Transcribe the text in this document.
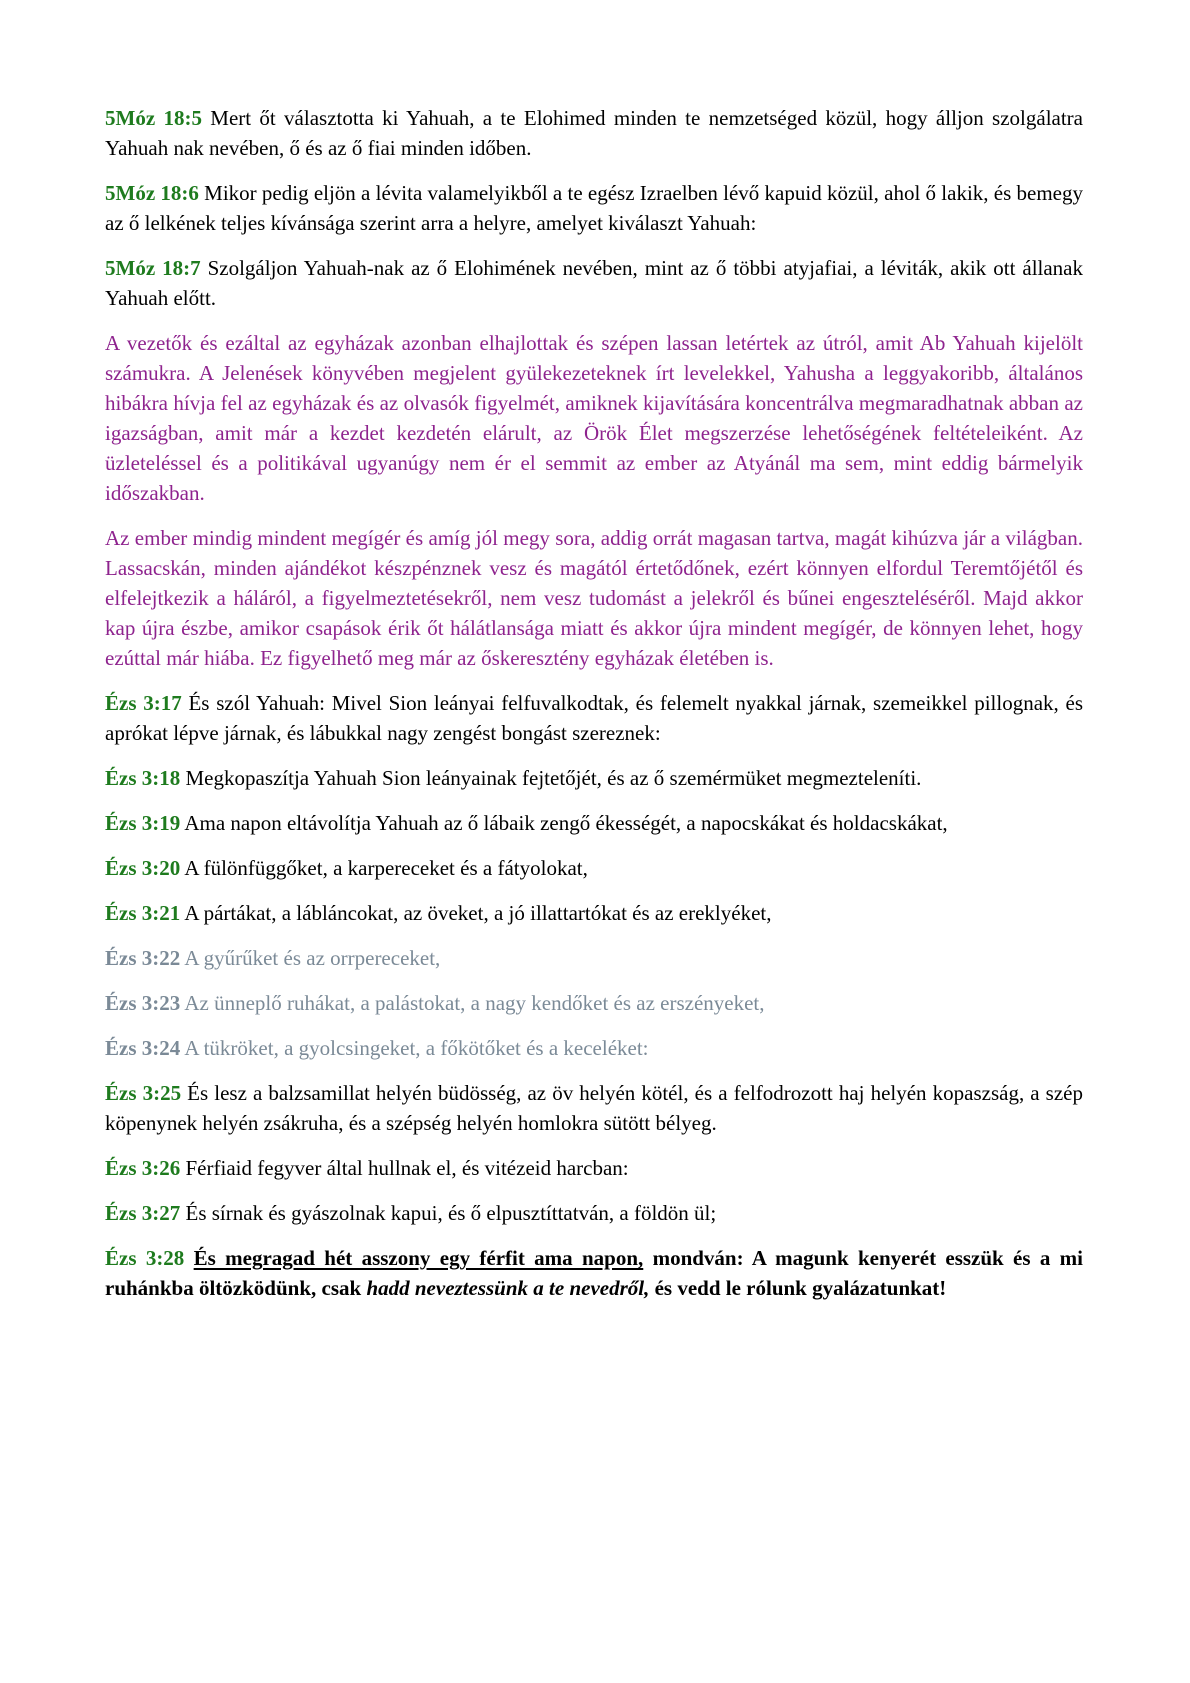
5Móz 18:5 Mert őt választotta ki Yahuah, a te Elohimed minden te nemzetséged közül, hogy álljon szolgálatra Yahuah nak nevében, ő és az ő fiai minden időben.

5Móz 18:6 Mikor pedig eljön a lévita valamelyikből a te egész Izraelben lévő kapuid közül, ahol ő lakik, és bemegy az ő lelkének teljes kívánsága szerint arra a helyre, amelyet kiválaszt Yahuah:

5Móz 18:7 Szolgáljon Yahuah-nak az ő Elohimének nevében, mint az ő többi atyjafiai, a léviták, akik ott állanak Yahuah előtt.

A vezetők és ezáltal az egyházak azonban elhajlottak és szépen lassan letértek az útról, amit Ab Yahuah kijelölt számukra. A Jelenések könyvében megjelent gyülekezeteknek írt levelekkel, Yahusha a leggyakoribb, általános hibákra hívja fel az egyházak és az olvasók figyelmét, amiknek kijavítására koncentrálva megmaradhatnak abban az igazságban, amit már a kezdet kezdetén elárult, az Örök Élet megszerzése lehetőségének feltételeiként. Az üzleteléssel és a politikával ugyanúgy nem ér el semmit az ember az Atyánál ma sem, mint eddig bármelyik időszakban.

Az ember mindig mindent megígér és amíg jól megy sora, addig orrát magasan tartva, magát kihúzva jár a világban. Lassacskán, minden ajándékot készpénznek vesz és magától értetődőnek, ezért könnyen elfordul Teremtőjétől és elfelejtkezik a háláról, a figyelmeztetésekről, nem vesz tudomást a jelekről és bűnei engeszteléséről. Majd akkor kap újra észbe, amikor csapások érik őt hálátlansága miatt és akkor újra mindent megígér, de könnyen lehet, hogy ezúttal már hiába. Ez figyelhető meg már az őskeresztény egyházak életében is.

Ézs 3:17 És szól Yahuah: Mivel Sion leányai felfuvalkodtak, és felemelt nyakkal járnak, szemeikkel pillognak, és aprókat lépve járnak, és lábukkal nagy zengést bongást szereznek:

Ézs 3:18 Megkopaszítja Yahuah Sion leányainak fejtetőjét, és az ő szemérmüket megmezteleníti.

Ézs 3:19 Ama napon eltávolítja Yahuah az ő lábaik zengő ékességét, a napocskákat és holdacskákat,

Ézs 3:20 A fülönfüggőket, a karpereceket és a fátyolokat,

Ézs 3:21 A pártákat, a lábláncokat, az öveket, a jó illattartókat és az ereklyéket,

Ézs 3:22 A gyűrűket és az orrpereceket,

Ézs 3:23 Az ünneplő ruhákat, a palástokat, a nagy kendőket és az erszényeket,

Ézs 3:24 A tükröket, a gyolcsingeket, a főkötőket és a keceléket:

Ézs 3:25 És lesz a balzsamillat helyén büdösség, az öv helyén kötél, és a felfodrozott haj helyén kopaszság, a szép köpenynek helyén zsákruha, és a szépség helyén homlokra sütött bélyeg.

Ézs 3:26 Férfiaid fegyver által hullnak el, és vitézeid harcban:

Ézs 3:27 És sírnak és gyászolnak kapui, és ő elpusztíttatván, a földön ül;

Ézs 3:28 És megragad hét asszony egy férfit ama napon, mondván: A magunk kenyerét esszük és a mi ruhánkba öltözködünk, csak hadd neveztessünk a te nevedről, és vedd le rólunk gyalázatunkat!
